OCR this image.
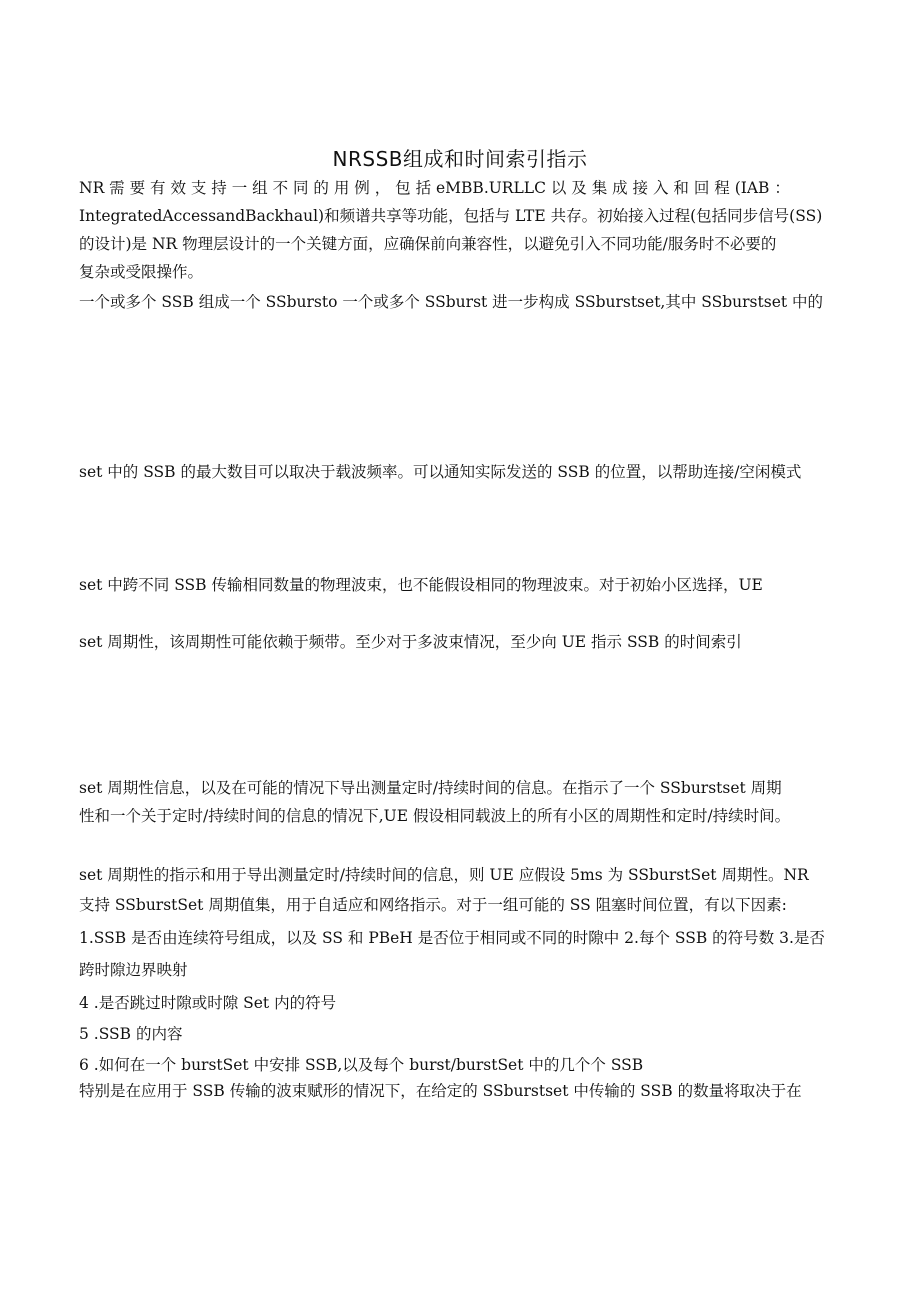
NRSSB组成和时间索引指示
NR 需 要 有 效 支 持 一 组 不 同 的 用 例 ， 包 括 eMBB.URLLC 以 及 集 成 接 入 和 回 程 (IAB ：
IntegratedAccessandBackhaul)和频谱共享等功能，包括与 LTE 共存。初始接入过程(包括同步信号(SS)
的设计)是 NR 物理层设计的一个关键方面，应确保前向兼容性，以避免引入不同功能/服务时不必要的
复杂或受限操作。
一个或多个 SSB 组成一个 SSbursto 一个或多个 SSburst 进一步构成 SSburstset,其中 SSburstset 中的
set 中的 SSB 的最大数目可以取决于载波频率。可以通知实际发送的 SSB 的位置，以帮助连接/空闲模式
set 中跨不同 SSB 传输相同数量的物理波束，也不能假设相同的物理波束。对于初始小区选择，UE
set 周期性，该周期性可能依赖于频带。至少对于多波束情况，至少向 UE 指示 SSB 的时间索引
set 周期性信息，以及在可能的情况下导出测量定时/持续时间的信息。在指示了一个 SSburstset 周期
性和一个关于定时/持续时间的信息的情况下,UE 假设相同载波上的所有小区的周期性和定时/持续时间。
set 周期性的指示和用于导出测量定时/持续时间的信息，则 UE 应假设 5ms 为 SSburstSet 周期性。NR
支持 SSburstSet 周期值集，用于自适应和网络指示。对于一组可能的 SS 阻塞时间位置，有以下因素:
1.SSB 是否由连续符号组成，以及 SS 和 PBeH 是否位于相同或不同的时隙中 2.每个 SSB 的符号数 3.是否
跨时隙边界映射
4 .是否跳过时隙或时隙 Set 内的符号
5 .SSB 的内容
6 .如何在一个 burstSet 中安排 SSB,以及每个 burst/burstSet 中的几个个 SSB
特别是在应用于 SSB 传输的波束赋形的情况下，在给定的 SSburstset 中传输的 SSB 的数量将取决于在
